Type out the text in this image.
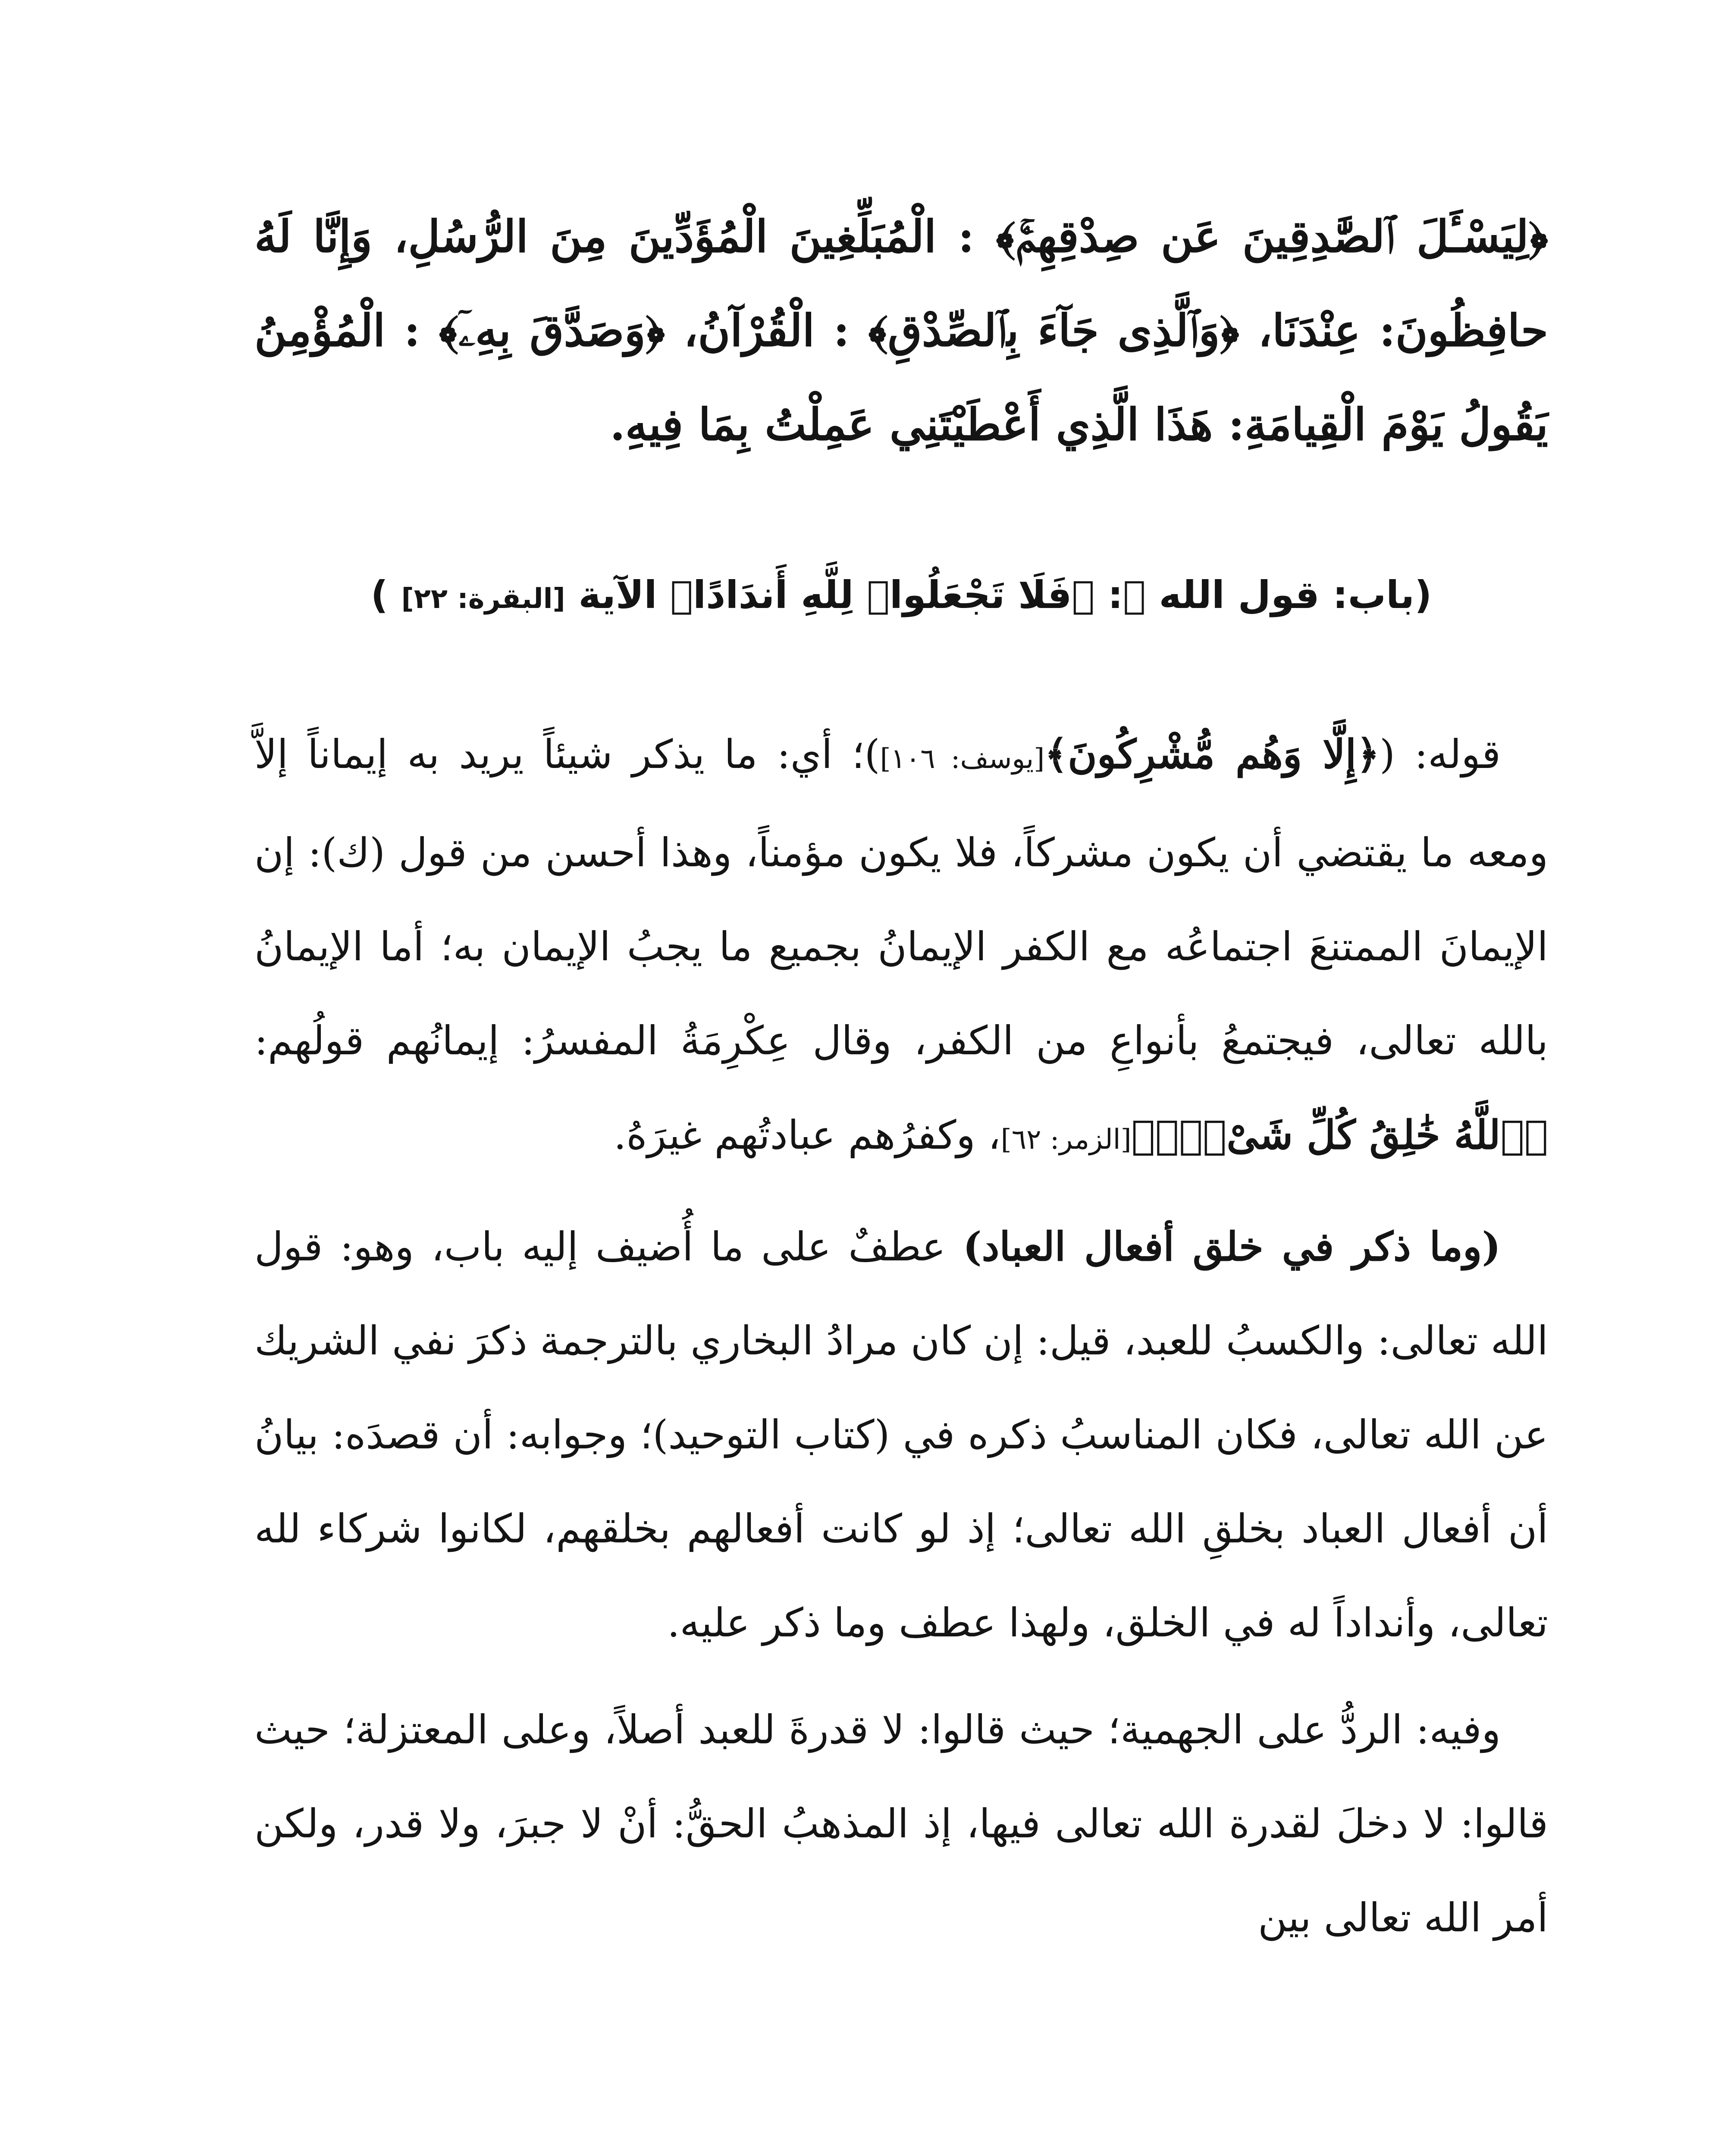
﴿لِيَسْـَٔلَ ٱلصَّٰدِقِينَ عَن صِدْقِهِمْۚ﴾ : الْمُبَلِّغِينَ الْمُؤَدِّينَ مِنَ الرُّسُلِ، وَإِنَّا لَهُ حافِظُونَ: عِنْدَنَا، ﴿وَٱلَّذِى جَآءَ بِٱلصِّدْقِ﴾ : الْقُرْآنُ، ﴿وَصَدَّقَ بِهِۦٓ﴾ : الْمُؤْمِنُ يَقُولُ يَوْمَ الْقِيامَةِ: هَذَا الَّذِي أَعْطَيْتَنِي عَمِلْتُ بِمَا فِيهِ.
(باب: قول الله ﷻ: ﴿فَلَا تَجْعَلُوا۟ لِلَّهِ أَندَادًا﴾ الآية [البقرة: ٢٢] )

قوله: (﴿إِلَّا وَهُم مُّشْرِكُونَ﴾[يوسف: ١٠٦])؛ أي: ما يذكر شيئاً يريد به إيماناً إلاَّ ومعه ما يقتضي أن يكون مشركاً، فلا يكون مؤمناً، وهذا أحسن من قول (ك): إن الإيمانَ الممتنعَ اجتماعُه مع الكفر الإيمانُ بجميع ما يجبُ الإيمان به؛ أما الإيمانُ بالله تعالى، فيجتمعُ بأنواعِ من الكفر، وقال عِكْرِمَةُ المفسرُ: إيمانُهم قولُهم: ﴿ٱللَّهُ خَٰلِقُ كُلِّ شَىْءٍۖ﴾[الزمر: ٦٢]، وكفرُهم عبادتُهم غيرَهُ.

(وما ذكر في خلق أفعال العباد) عطفٌ على ما أُضيف إليه باب، وهو: قول الله تعالى: والكسبُ للعبد، قيل: إن كان مرادُ البخاري بالترجمة ذكرَ نفي الشريك عن الله تعالى، فكان المناسبُ ذكره في (كتاب التوحيد)؛ وجوابه: أن قصدَه: بيانُ أن أفعال العباد بخلقِ الله تعالى؛ إذ لو كانت أفعالهم بخلقهم، لكانوا شركاء لله تعالى، وأنداداً له في الخلق، ولهذا عطف وما ذكر عليه.

وفيه: الردُّ على الجهمية؛ حيث قالوا: لا قدرةَ للعبد أصلاً، وعلى المعتزلة؛ حيث قالوا: لا دخلَ لقدرة الله تعالى فيها، إذ المذهبُ الحقُّ: أنْ لا جبرَ، ولا قدر، ولكن أمر الله تعالى بين
